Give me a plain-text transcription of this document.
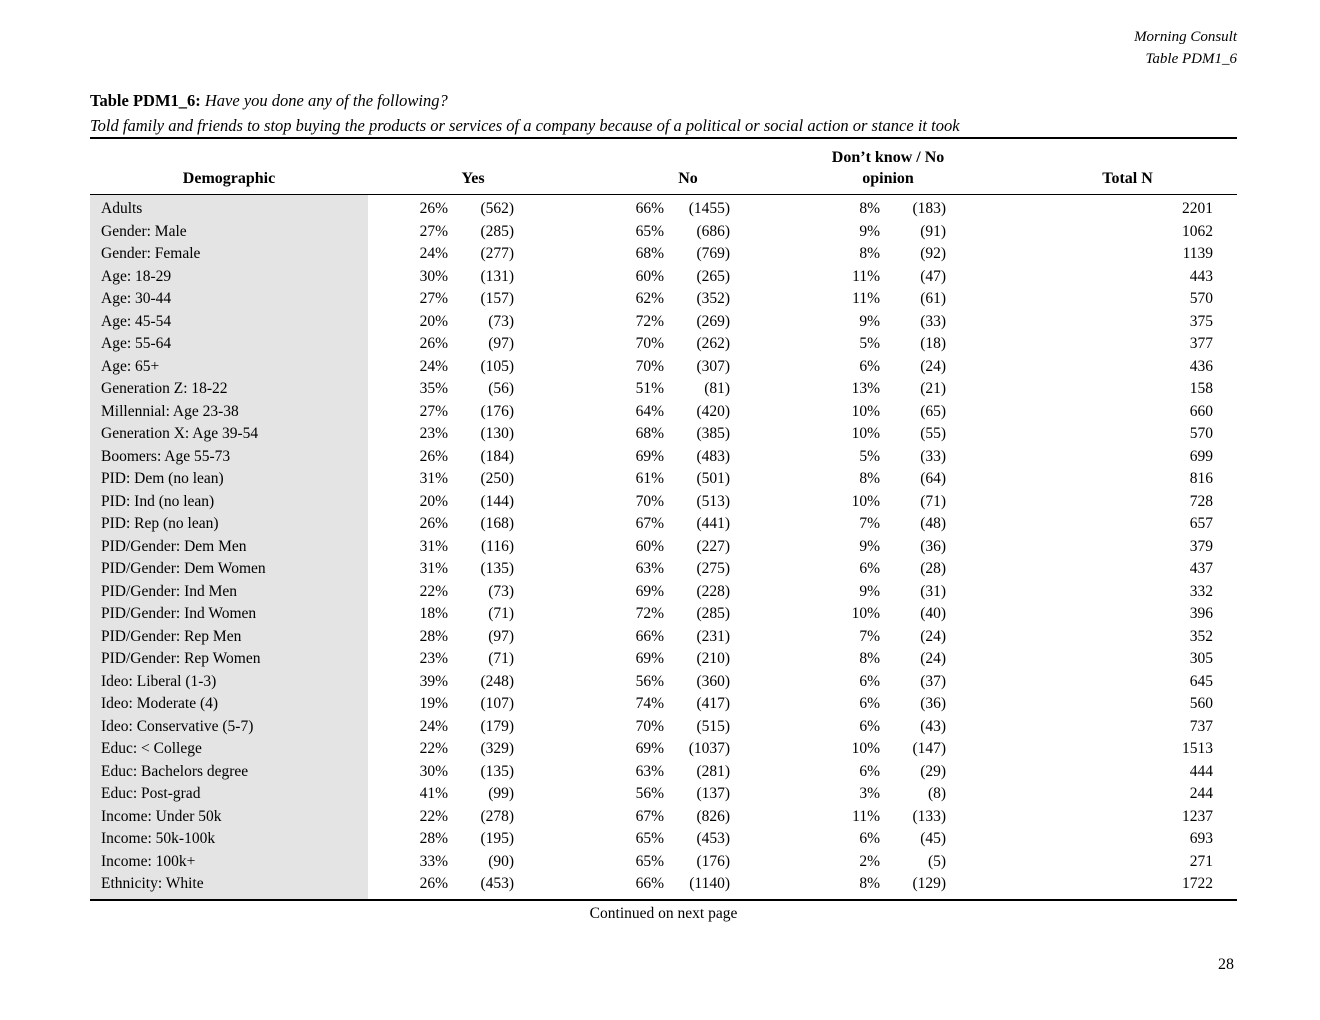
Morning Consult
Table PDM1_6
Table PDM1_6: Have you done any of the following?
Told family and friends to stop buying the products or services of a company because of a political or social action or stance it took
Demographic	Yes		No		Don’t know / No
opinion		Total N
Adults	26%	(562)	66%	(1455)	8%	(183)	2201
Gender: Male	27%	(285)	65%	(686)	9%	(91)	1062
Gender: Female	24%	(277)	68%	(769)	8%	(92)	1139
Age: 18-29	30%	(131)	60%	(265)	11%	(47)	443
Age: 30-44	27%	(157)	62%	(352)	11%	(61)	570
Age: 45-54	20%	(73)	72%	(269)	9%	(33)	375
Age: 55-64	26%	(97)	70%	(262)	5%	(18)	377
Age: 65+	24%	(105)	70%	(307)	6%	(24)	436
Generation Z: 18-22	35%	(56)	51%	(81)	13%	(21)	158
Millennial: Age 23-38	27%	(176)	64%	(420)	10%	(65)	660
Generation X: Age 39-54	23%	(130)	68%	(385)	10%	(55)	570
Boomers: Age 55-73	26%	(184)	69%	(483)	5%	(33)	699
PID: Dem (no lean)	31%	(250)	61%	(501)	8%	(64)	816
PID: Ind (no lean)	20%	(144)	70%	(513)	10%	(71)	728
PID: Rep (no lean)	26%	(168)	67%	(441)	7%	(48)	657
PID/Gender: Dem Men	31%	(116)	60%	(227)	9%	(36)	379
PID/Gender: Dem Women	31%	(135)	63%	(275)	6%	(28)	437
PID/Gender: Ind Men	22%	(73)	69%	(228)	9%	(31)	332
PID/Gender: Ind Women	18%	(71)	72%	(285)	10%	(40)	396
PID/Gender: Rep Men	28%	(97)	66%	(231)	7%	(24)	352
PID/Gender: Rep Women	23%	(71)	69%	(210)	8%	(24)	305
Ideo: Liberal (1-3)	39%	(248)	56%	(360)	6%	(37)	645
Ideo: Moderate (4)	19%	(107)	74%	(417)	6%	(36)	560
Ideo: Conservative (5-7)	24%	(179)	70%	(515)	6%	(43)	737
Educ: < College	22%	(329)	69%	(1037)	10%	(147)	1513
Educ: Bachelors degree	30%	(135)	63%	(281)	6%	(29)	444
Educ: Post-grad	41%	(99)	56%	(137)	3%	(8)	244
Income: Under 50k	22%	(278)	67%	(826)	11%	(133)	1237
Income: 50k-100k	28%	(195)	65%	(453)	6%	(45)	693
Income: 100k+	33%	(90)	65%	(176)	2%	(5)	271
Ethnicity: White	26%	(453)	66%	(1140)	8%	(129)	1722
Continued on next page
28
